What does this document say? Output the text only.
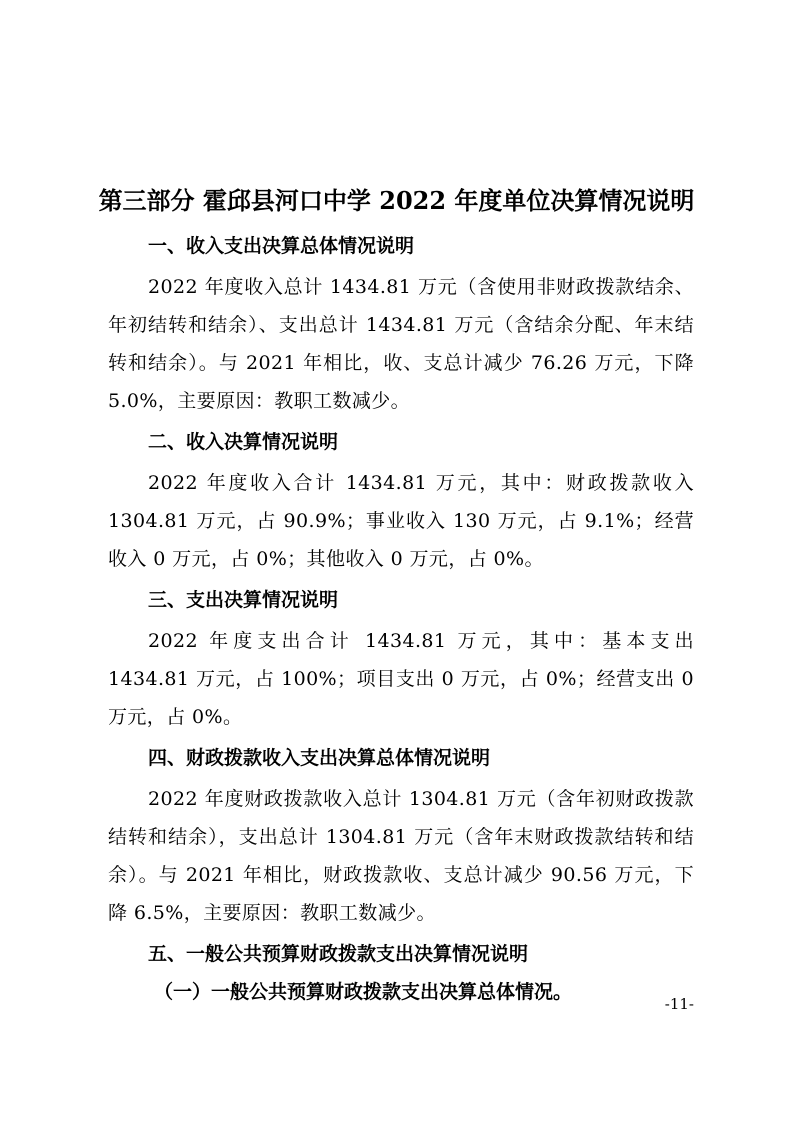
第三部分 霍邱县河口中学 2022 年度单位决算情况说明
一、收入支出决算总体情况说明
2022 年度收入总计 1434.81 万元（含使用非财政拨款结余、年初结转和结余）、支出总计 1434.81 万元（含结余分配、年末结转和结余）。与 2021 年相比，收、支总计减少 76.26 万元，下降 5.0%，主要原因：教职工数减少。
二、收入决算情况说明
2022 年度收入合计 1434.81 万元，其中：财政拨款收入 1304.81 万元，占 90.9%；事业收入 130 万元，占 9.1%；经营收入 0 万元，占 0%；其他收入 0 万元，占 0%。
三、支出决算情况说明
2022 年度支出合计 1434.81 万元，其中：基本支出 1434.81 万元，占 100%；项目支出 0 万元，占 0%；经营支出 0 万元，占 0%。
四、财政拨款收入支出决算总体情况说明
2022 年度财政拨款收入总计 1304.81 万元（含年初财政拨款结转和结余），支出总计 1304.81 万元（含年末财政拨款结转和结余）。与 2021 年相比，财政拨款收、支总计减少 90.56 万元，下降 6.5%，主要原因：教职工数减少。
五、一般公共预算财政拨款支出决算情况说明
（一）一般公共预算财政拨款支出决算总体情况。
-11-
